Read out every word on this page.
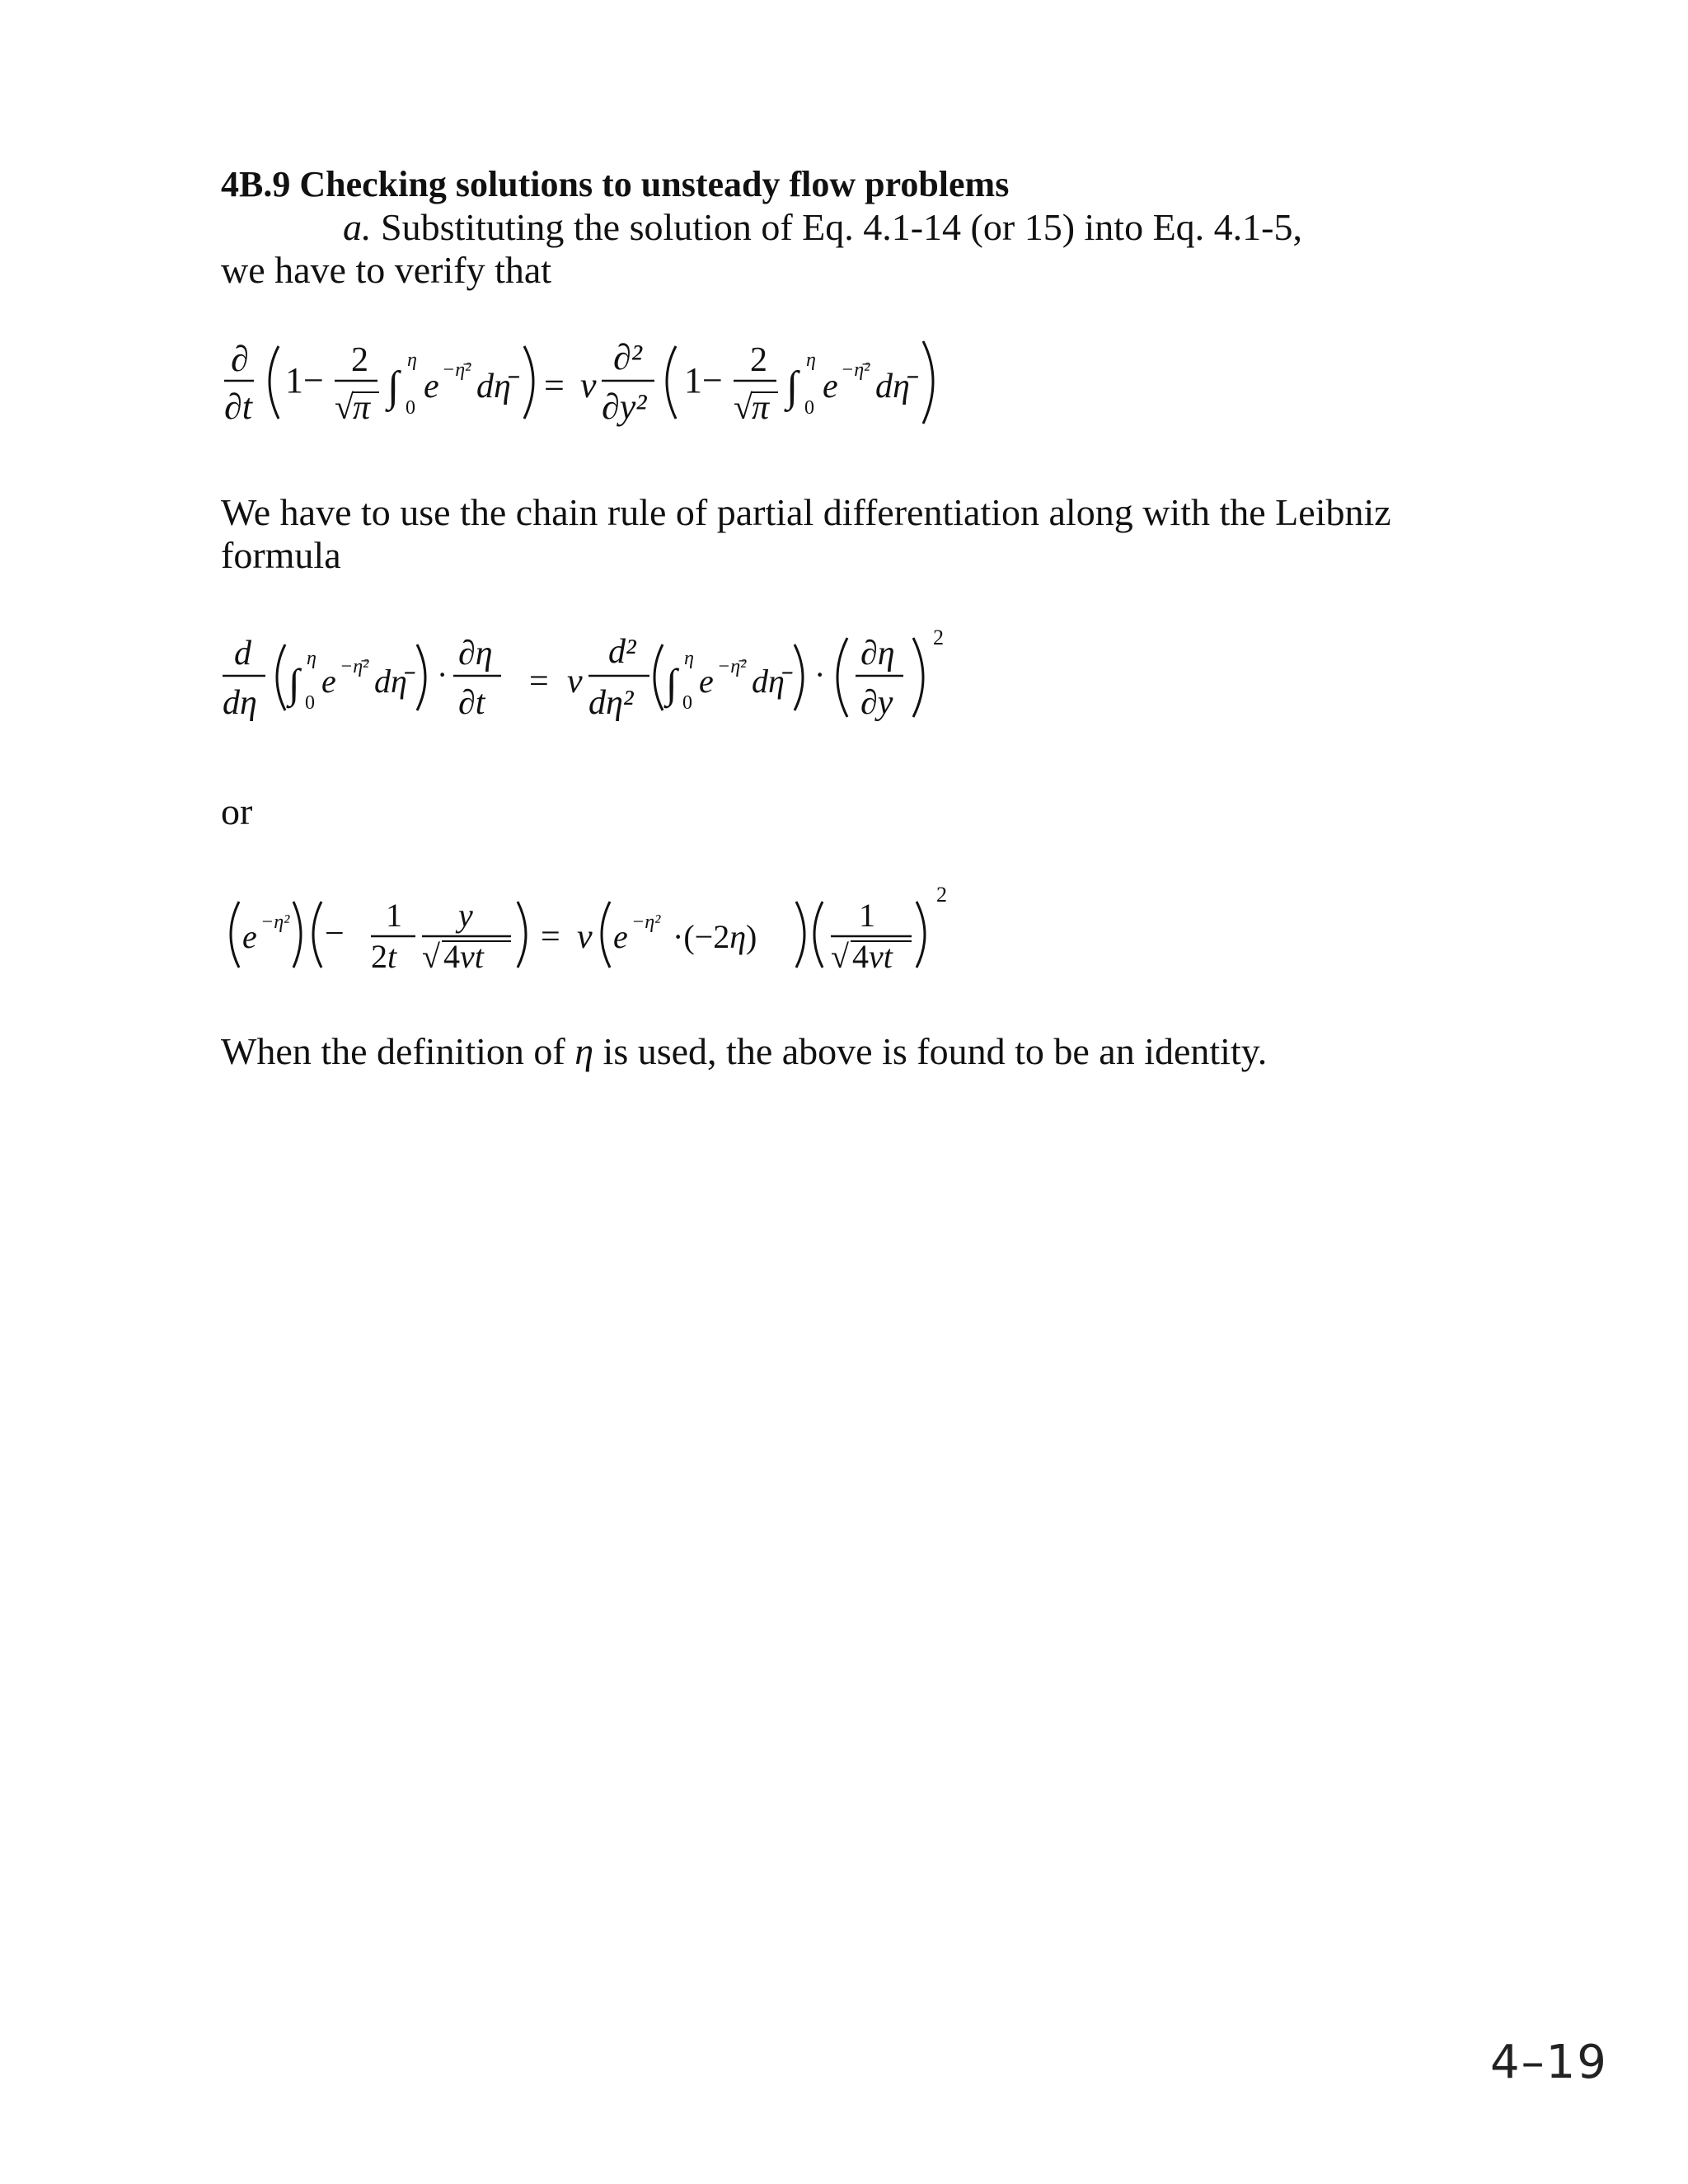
4B.9 Checking solutions to unsteady flow problems
a. Substituting the solution of Eq. 4.1-14 (or 15) into Eq. 4.1-5,
we have to verify that
∂
∂t
1− 2
√
π ∫
η
0
e −η̄² dη̄ = ν
∂²
∂y²
1− 2
√
π ∫
η
0
e −η̄² dη̄
We have to use the chain rule of partial differentiation along with the Leibniz formula
d
dη ∫
η
0
e −η̄² dη̄ ·
∂η
∂t
= ν
d²
dη² ∫
η
0
e −η̄² dη̄ ·
∂η
∂y
2
or
e −η² − 1
2t
y
√ 4νt
= ν e −η² ·(−2η)
1
√ 4νt
2
When the definition of η is used, the above is found to be an identity.
4–19
